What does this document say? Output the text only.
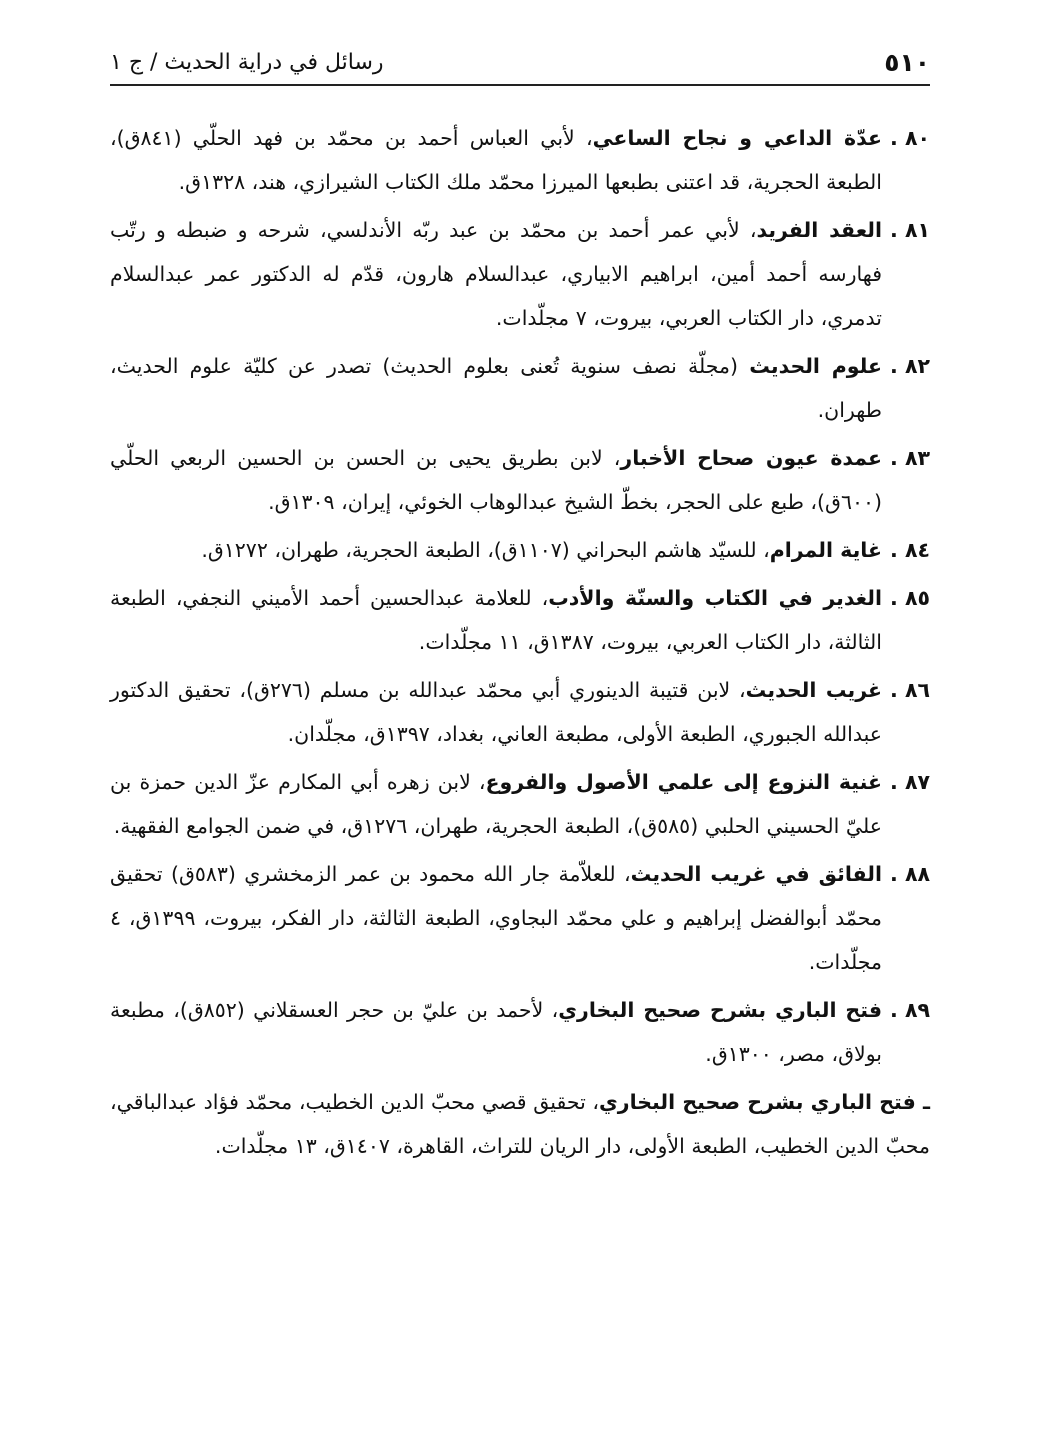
٥١٠
رسائل في دراية الحديث / ج ١
٨٠ .
عدّة الداعي و نجاح الساعي، لأبي العباس أحمد بن محمّد بن فهد الحلّي (٨٤١ق)، الطبعة الحجرية، قد اعتنى بطبعها الميرزا محمّد ملك الكتاب الشيرازي، هند، ١٣٢٨ق.
٨١ .
العقد الفريد، لأبي عمر أحمد بن محمّد بن عبد ربّه الأندلسي، شرحه و ضبطه و رتّب فهارسه أحمد أمين، ابراهيم الابياري، عبدالسلام هارون، قدّم له الدكتور عمر عبدالسلام تدمري، دار الكتاب العربي، بيروت، ٧ مجلّدات.
٨٢ .
علوم الحديث (مجلّة نصف سنوية تُعنى بعلوم الحديث) تصدر عن كليّة علوم الحديث، طهران.
٨٣ .
عمدة عيون صحاح الأخبار، لابن بطريق يحيى بن الحسن بن الحسين الربعي الحلّي (٦٠٠ق)، طبع على الحجر، بخطّ الشيخ عبدالوهاب الخوئي، إيران، ١٣٠٩ق.
٨٤ .
غاية المرام، للسيّد هاشم البحراني (١١٠٧ق)، الطبعة الحجرية، طهران، ١٢٧٢ق.
٨٥ .
الغدير في الكتاب والسنّة والأدب، للعلامة عبدالحسين أحمد الأميني النجفي، الطبعة الثالثة، دار الكتاب العربي، بيروت، ١٣٨٧ق، ١١ مجلّدات.
٨٦ .
غريب الحديث، لابن قتيبة الدينوري أبي محمّد عبدالله بن مسلم (٢٧٦ق)، تحقيق الدكتور عبدالله الجبوري، الطبعة الأولى، مطبعة العاني، بغداد، ١٣٩٧ق، مجلّدان.
٨٧ .
غنية النزوع إلى علمي الأصول والفروع، لابن زهره أبي المكارم عزّ الدين حمزة بن عليّ الحسيني الحلبي (٥٨٥ق)، الطبعة الحجرية، طهران، ١٢٧٦ق، في ضمن الجوامع الفقهية.
٨٨ .
الفائق في غريب الحديث، للعلاّمة جار الله محمود بن عمر الزمخشري (٥٨٣ق) تحقيق محمّد أبوالفضل إبراهيم و علي محمّد البجاوي، الطبعة الثالثة، دار الفكر، بيروت، ١٣٩٩ق، ٤ مجلّدات.
٨٩ .
فتح الباري بشرح صحيح البخاري، لأحمد بن عليّ بن حجر العسقلاني (٨٥٢ق)، مطبعة بولاق، مصر، ١٣٠٠ق.
ـ فتح الباري بشرح صحيح البخاري، تحقيق قصي محبّ الدين الخطيب، محمّد فؤاد عبدالباقي، محبّ الدين الخطيب، الطبعة الأولى، دار الريان للتراث، القاهرة، ١٤٠٧ق، ١٣ مجلّدات.
